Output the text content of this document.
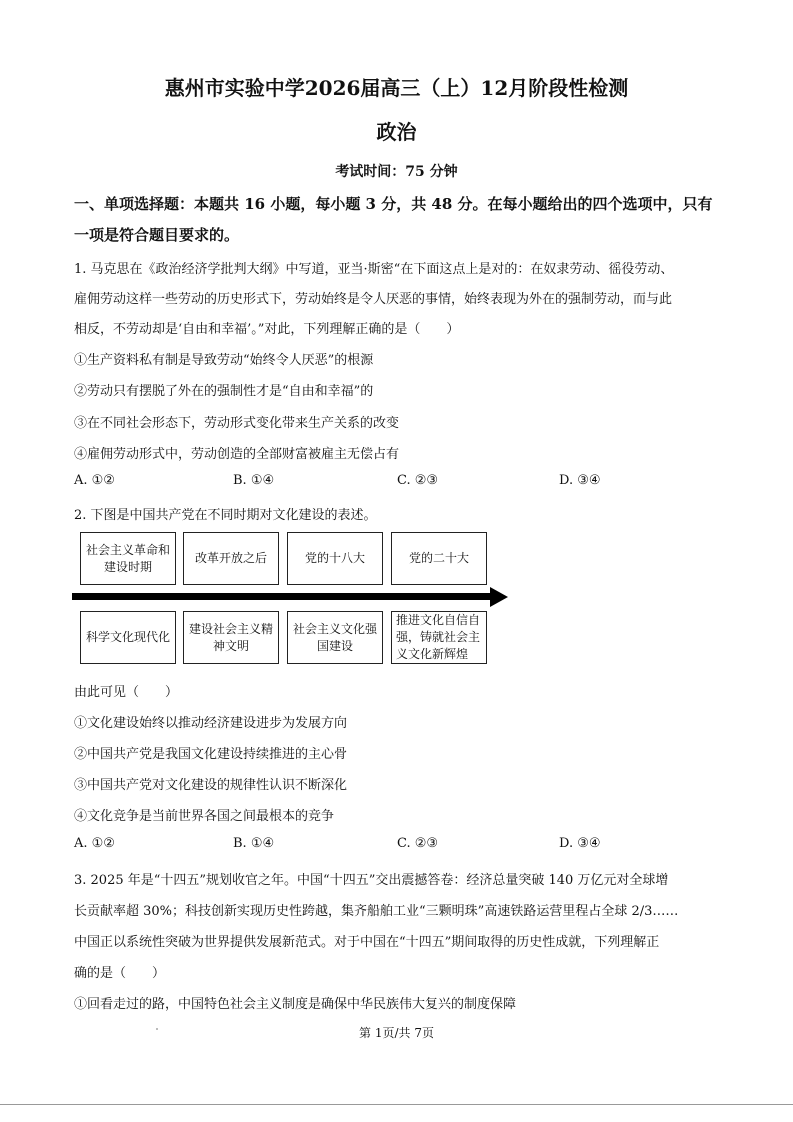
惠州市实验中学2026届高三（上）12月阶段性检测
政治
考试时间：75 分钟
一、单项选择题：本题共 16 小题，每小题 3 分，共 48 分。在每小题给出的四个选项中，只有
一项是符合题目要求的。
1. 马克思在《政治经济学批判大纲》中写道，亚当·斯密“在下面这点上是对的：在奴隶劳动、徭役劳动、
雇佣劳动这样一些劳动的历史形式下，劳动始终是令人厌恶的事情，始终表现为外在的强制劳动，而与此
相反，不劳动却是‘自由和幸福’。”对此，下列理解正确的是（　　）
①生产资料私有制是导致劳动“始终令人厌恶”的根源
②劳动只有摆脱了外在的强制性才是“自由和幸福”的
③在不同社会形态下，劳动形式变化带来生产关系的改变
④雇佣劳动形式中，劳动创造的全部财富被雇主无偿占有
A. ①②	B. ①④	C. ②③	D. ③④
2. 下图是中国共产党在不同时期对文化建设的表述。
社会主义革命和建设时期
改革开放之后	党的十八大	党的二十大
科学文化现代化
建设社会主义精神文明
社会主义文化强国建设
推进文化自信自强，铸就社会主义文化新辉煌
由此可见（　　）
①文化建设始终以推动经济建设进步为发展方向
②中国共产党是我国文化建设持续推进的主心骨
③中国共产党对文化建设的规律性认识不断深化
④文化竞争是当前世界各国之间最根本的竞争
A. ①②	B. ①④	C. ②③	D. ③④
3. 2025 年是“十四五”规划收官之年。中国“十四五”交出震撼答卷：经济总量突破 140 万亿元对全球增
长贡献率超 30%；科技创新实现历史性跨越，集齐船舶工业“三颗明珠”高速铁路运营里程占全球 2/3……
中国正以系统性突破为世界提供发展新范式。对于中国在“十四五”期间取得的历史性成就，下列理解正
确的是（　　）
①回看走过的路，中国特色社会主义制度是确保中华民族伟大复兴的制度保障
第 1页/共 7页
